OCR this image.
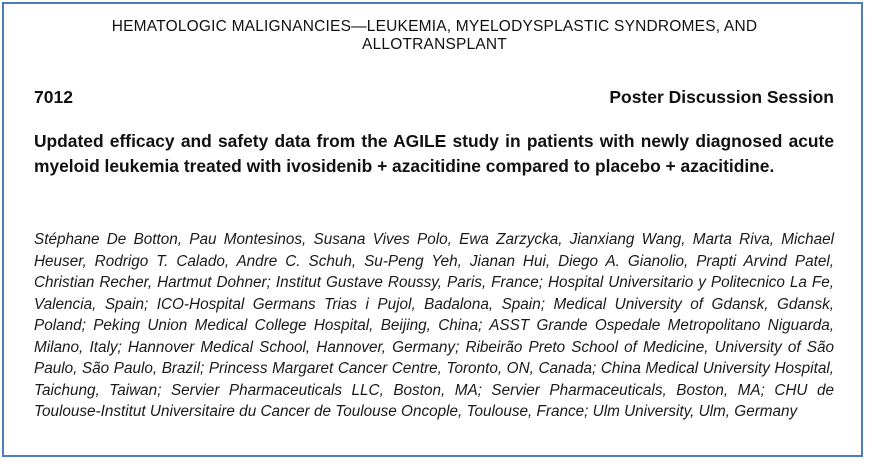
HEMATOLOGIC MALIGNANCIES—LEUKEMIA, MYELODYSPLASTIC SYNDROMES, AND ALLOTRANSPLANT
7012	Poster Discussion Session
Updated efficacy and safety data from the AGILE study in patients with newly diagnosed acute myeloid leukemia treated with ivosidenib + azacitidine compared to placebo + azacitidine.
Stéphane De Botton, Pau Montesinos, Susana Vives Polo, Ewa Zarzycka, Jianxiang Wang, Marta Riva, Michael Heuser, Rodrigo T. Calado, Andre C. Schuh, Su-Peng Yeh, Jianan Hui, Diego A. Gianolio, Prapti Arvind Patel, Christian Recher, Hartmut Dohner; Institut Gustave Roussy, Paris, France; Hospital Universitario y Politecnico La Fe, Valencia, Spain; ICO-Hospital Germans Trias i Pujol, Badalona, Spain; Medical University of Gdansk, Gdansk, Poland; Peking Union Medical College Hospital, Beijing, China; ASST Grande Ospedale Metropolitano Niguarda, Milano, Italy; Hannover Medical School, Hannover, Germany; Ribeirão Preto School of Medicine, University of São Paulo, São Paulo, Brazil; Princess Margaret Cancer Centre, Toronto, ON, Canada; China Medical University Hospital, Taichung, Taiwan; Servier Pharmaceuticals LLC, Boston, MA; Servier Pharmaceuticals, Boston, MA; CHU de Toulouse-Institut Universitaire du Cancer de Toulouse Oncople, Toulouse, France; Ulm University, Ulm, Germany
